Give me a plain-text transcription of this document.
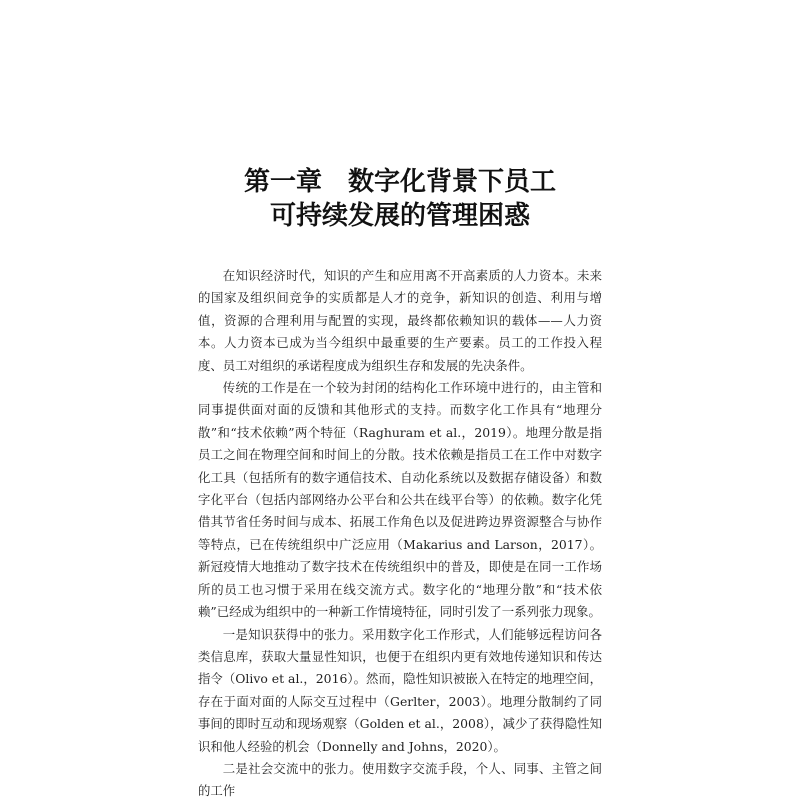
第一章　数字化背景下员工
可持续发展的管理困惑

在知识经济时代，知识的产生和应用离不开高素质的人力资本。未来的国家及组织间竞争的实质都是人才的竞争，新知识的创造、利用与增值，资源的合理利用与配置的实现，最终都依赖知识的载体——人力资本。人力资本已成为当今组织中最重要的生产要素。员工的工作投入程度、员工对组织的承诺程度成为组织生存和发展的先决条件。

传统的工作是在一个较为封闭的结构化工作环境中进行的，由主管和同事提供面对面的反馈和其他形式的支持。而数字化工作具有“地理分散”和“技术依赖”两个特征（Raghuram et al.，2019）。地理分散是指员工之间在物理空间和时间上的分散。技术依赖是指员工在工作中对数字化工具（包括所有的数字通信技术、自动化系统以及数据存储设备）和数字化平台（包括内部网络办公平台和公共在线平台等）的依赖。数字化凭借其节省任务时间与成本、拓展工作角色以及促进跨边界资源整合与协作等特点，已在传统组织中广泛应用（Makarius and Larson，2017）。新冠疫情大地推动了数字技术在传统组织中的普及，即使是在同一工作场所的员工也习惯于采用在线交流方式。数字化的“地理分散”和“技术依赖”已经成为组织中的一种新工作情境特征，同时引发了一系列张力现象。

一是知识获得中的张力。采用数字化工作形式，人们能够远程访问各类信息库，获取大量显性知识，也便于在组织内更有效地传递知识和传达指令（Olivo et al.，2016）。然而，隐性知识被嵌入在特定的地理空间，存在于面对面的人际交互过程中（Gerlter，2003）。地理分散制约了同事间的即时互动和现场观察（Golden et al.，2008），减少了获得隐性知识和他人经验的机会（Donnelly and Johns，2020）。

二是社会交流中的张力。使用数字交流手段，个人、同事、主管之间的工作
